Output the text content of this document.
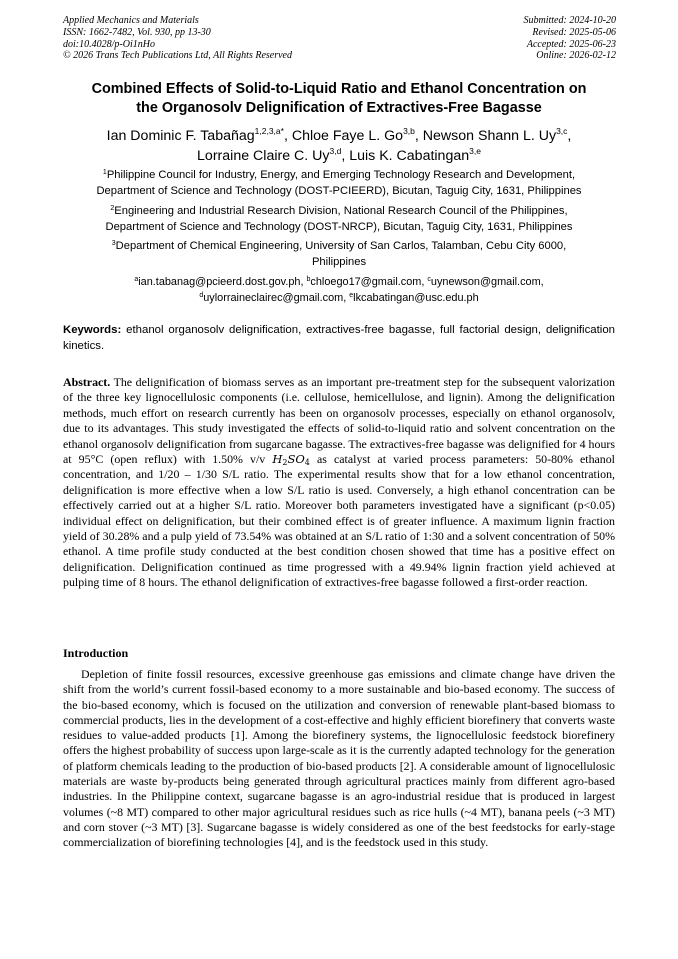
Applied Mechanics and Materials
ISSN: 1662-7482, Vol. 930, pp 13-30
doi:10.4028/p-Oi1nHo
© 2026 Trans Tech Publications Ltd, All Rights Reserved
Submitted: 2024-10-20
Revised: 2025-05-06
Accepted: 2025-06-23
Online: 2026-02-12
Combined Effects of Solid-to-Liquid Ratio and Ethanol Concentration on
the Organosolv Delignification of Extractives-Free Bagasse
Ian Dominic F. Tabañag$^{1,2,3,a*}$, Chloe Faye L. Go$^{3,b}$, Newson Shann L. Uy$^{3,c}$,
Lorraine Claire C. Uy$^{3,d}$, Luis K. Cabatingan$^{3,e}$
$^1$Philippine Council for Industry, Energy, and Emerging Technology Research and Development,
Department of Science and Technology (DOST-PCIEERD), Bicutan, Taguig City, 1631, Philippines
$^2$Engineering and Industrial Research Division, National Research Council of the Philippines,
Department of Science and Technology (DOST-NRCP), Bicutan, Taguig City, 1631, Philippines
$^3$Department of Chemical Engineering, University of San Carlos, Talamban, Cebu City 6000,
Philippines
$^a$ian.tabanag@pcieerd.dost.gov.ph, $^b$chloego17@gmail.com, $^c$uynewson@gmail.com,
$^d$uylorraineclairec@gmail.com, $^e$lkcabatingan@usc.edu.ph
Keywords: ethanol organosolv delignification, extractives-free bagasse, full factorial design, delignification kinetics.
Abstract. The delignification of biomass serves as an important pre-treatment step for the subsequent valorization of the three key lignocellulosic components (i.e. cellulose, hemicellulose, and lignin). Among the delignification methods, much effort on research currently has been on organosolv processes, especially on ethanol organosolv, due to its advantages. This study investigated the effects of solid-to-liquid ratio and solvent concentration on the ethanol organosolv delignification from sugarcane bagasse. The extractives-free bagasse was delignified for 4 hours at 95°C (open reflux) with 1.50% v/v $H_2SO_4$ as catalyst at varied process parameters: 50-80% ethanol concentration, and 1/20 – 1/30 S/L ratio. The experimental results show that for a low ethanol concentration, delignification is more effective when a low S/L ratio is used. Conversely, a high ethanol concentration can be effectively carried out at a higher S/L ratio. Moreover both parameters investigated have a significant (p<0.05) individual effect on delignification, but their combined effect is of greater influence. A maximum lignin fraction yield of 30.28% and a pulp yield of 73.54% was obtained at an S/L ratio of 1:30 and a solvent concentration of 50% ethanol. A time profile study conducted at the best condition chosen showed that time has a positive effect on delignification. Delignification continued as time progressed with a 49.94% lignin fraction yield achieved at pulping time of 8 hours. The ethanol delignification of extractives-free bagasse followed a first-order reaction.
Introduction
Depletion of finite fossil resources, excessive greenhouse gas emissions and climate change have driven the shift from the world’s current fossil-based economy to a more sustainable and bio-based economy. The success of the bio-based economy, which is focused on the utilization and conversion of renewable plant-based biomass to commercial products, lies in the development of a cost-effective and highly efficient biorefinery that converts waste residues to value-added products [1]. Among the biorefinery systems, the lignocellulosic feedstock biorefinery offers the highest probability of success upon large-scale as it is the currently adapted technology for the generation of platform chemicals leading to the production of bio-based products [2]. A considerable amount of lignocellulosic materials are waste by-products being generated through agricultural practices mainly from different agro-based industries. In the Philippine context, sugarcane bagasse is an agro-industrial residue that is produced in largest volumes (~8 MT) compared to other major agricultural residues such as rice hulls (~4 MT), banana peels (~3 MT) and corn stover (~3 MT) [3]. Sugarcane bagasse is widely considered as one of the best feedstocks for early-stage commercialization of biorefining technologies [4], and is the feedstock used in this study.
